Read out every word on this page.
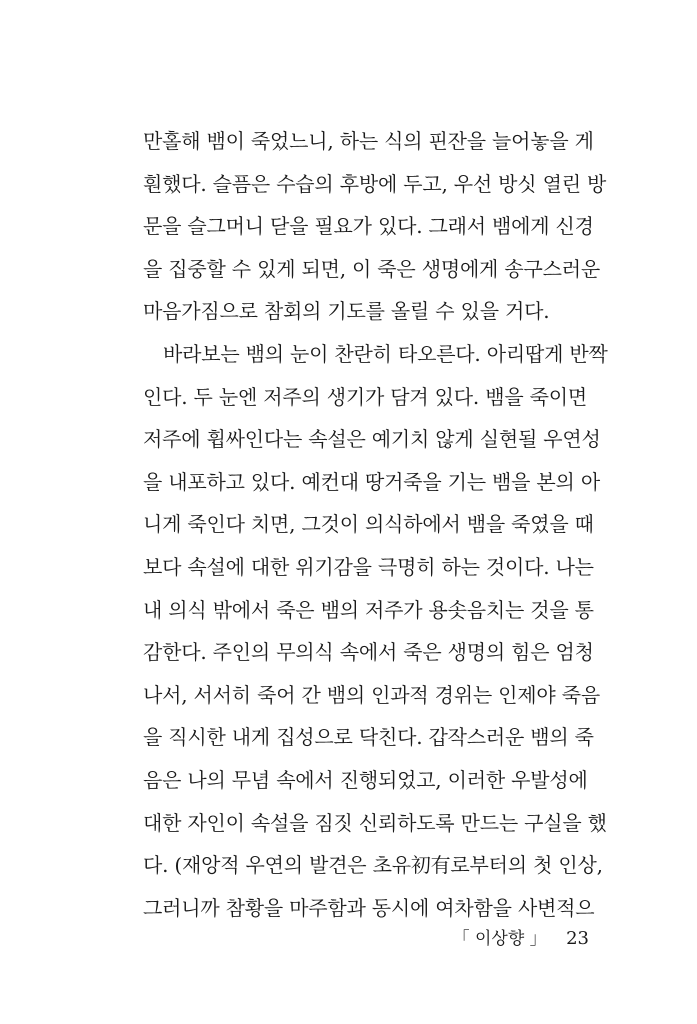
만홀해 뱀이 죽었느니, 하는 식의 핀잔을 늘어놓을 게
훤했다. 슬픔은 수습의 후방에 두고, 우선 방싯 열린 방
문을 슬그머니 닫을 필요가 있다. 그래서 뱀에게 신경
을 집중할 수 있게 되면, 이 죽은 생명에게 송구스러운
마음가짐으로 참회의 기도를 올릴 수 있을 거다.
바라보는 뱀의 눈이 찬란히 타오른다. 아리땁게 반짝
인다. 두 눈엔 저주의 생기가 담겨 있다. 뱀을 죽이면
저주에 휩싸인다는 속설은 예기치 않게 실현될 우연성
을 내포하고 있다. 예컨대 땅거죽을 기는 뱀을 본의 아
니게 죽인다 치면, 그것이 의식하에서 뱀을 죽였을 때
보다 속설에 대한 위기감을 극명히 하는 것이다. 나는
내 의식 밖에서 죽은 뱀의 저주가 용솟음치는 것을 통
감한다. 주인의 무의식 속에서 죽은 생명의 힘은 엄청
나서, 서서히 죽어 간 뱀의 인과적 경위는 인제야 죽음
을 직시한 내게 집성으로 닥친다. 갑작스러운 뱀의 죽
음은 나의 무념 속에서 진행되었고, 이러한 우발성에
대한 자인이 속설을 짐짓 신뢰하도록 만드는 구실을 했
다. (재앙적 우연의 발견은 초유初有로부터의 첫 인상,
그러니까 참황을 마주함과 동시에 여차함을 사변적으
「 이상향 」 23
